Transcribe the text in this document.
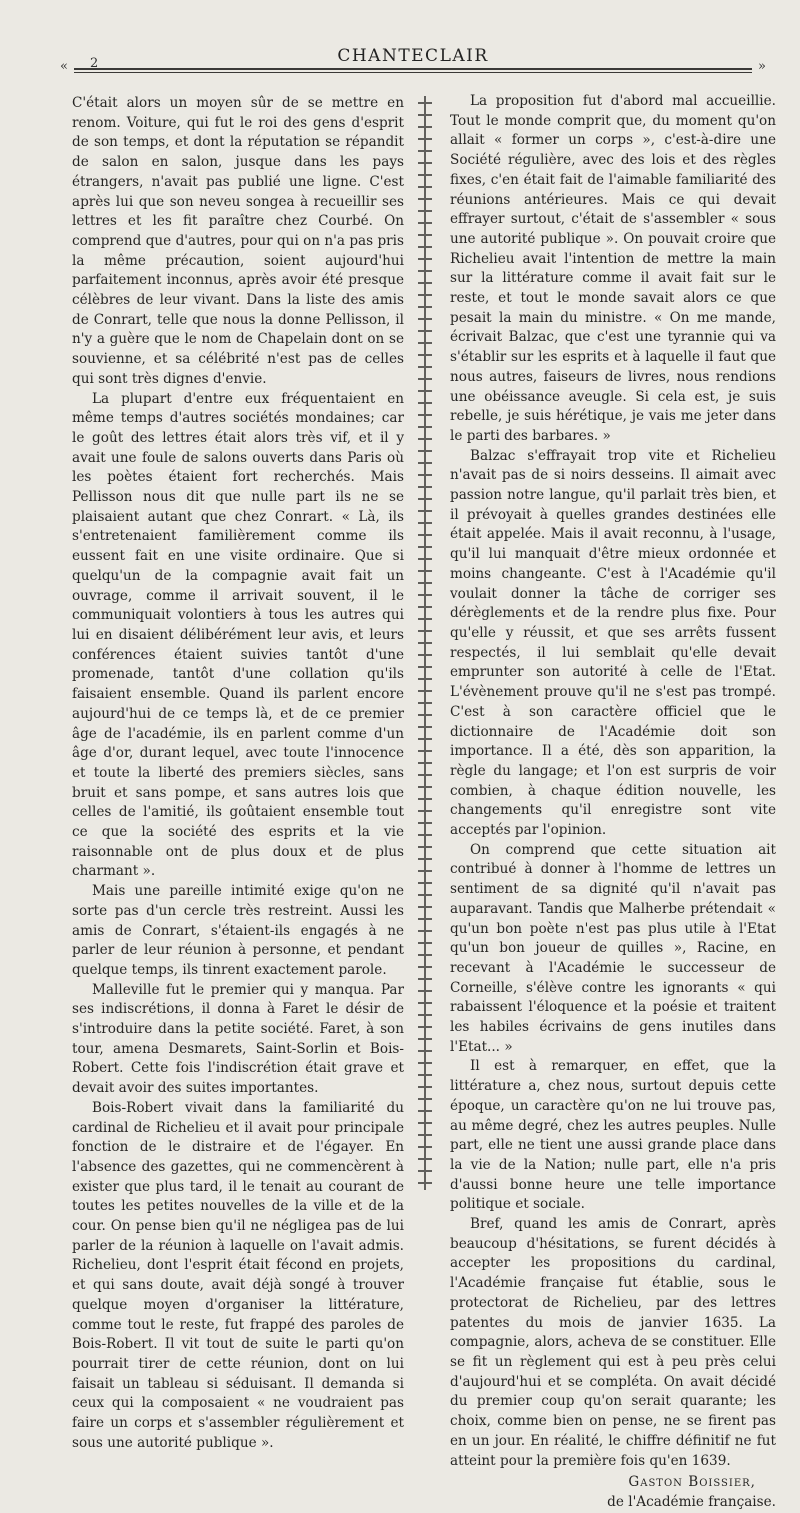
« 2	CHANTECLAIR
»

C'était alors un moyen sûr de se mettre en renom. Voiture, qui fut le roi des gens d'esprit de son temps, et dont la réputation se répandit de salon en salon, jusque dans les pays étrangers, n'avait pas publié une ligne. C'est après lui que son neveu songea à recueillir ses lettres et les fit paraître chez Courbé. On comprend que d'autres, pour qui on n'a pas pris la même précaution, soient aujourd'hui parfaitement inconnus, après avoir été presque célèbres de leur vivant. Dans la liste des amis de Conrart, telle que nous la donne Pellisson, il n'y a guère que le nom de Chapelain dont on se souvienne, et sa célébrité n'est pas de celles qui sont très dignes d'envie.

La plupart d'entre eux fréquentaient en même temps d'autres sociétés mondaines; car le goût des lettres était alors très vif, et il y avait une foule de salons ouverts dans Paris où les poètes étaient fort recherchés. Mais Pellisson nous dit que nulle part ils ne se plaisaient autant que chez Conrart. « Là, ils s'entretenaient familièrement comme ils eussent fait en une visite ordinaire. Que si quelqu'un de la compagnie avait fait un ouvrage, comme il arrivait souvent, il le communiquait volontiers à tous les autres qui lui en disaient délibérément leur avis, et leurs conférences étaient suivies tantôt d'une promenade, tantôt d'une collation qu'ils faisaient ensemble. Quand ils parlent encore aujourd'hui de ce temps là, et de ce premier âge de l'académie, ils en parlent comme d'un âge d'or, durant lequel, avec toute l'innocence et toute la liberté des premiers siècles, sans bruit et sans pompe, et sans autres lois que celles de l'amitié, ils goûtaient ensemble tout ce que la société des esprits et la vie raisonnable ont de plus doux et de plus charmant ».

Mais une pareille intimité exige qu'on ne sorte pas d'un cercle très restreint. Aussi les amis de Conrart, s'étaient-ils engagés à ne parler de leur réunion à personne, et pendant quelque temps, ils tinrent exactement parole.

Malleville fut le premier qui y manqua. Par ses indiscrétions, il donna à Faret le désir de s'introduire dans la petite société. Faret, à son tour, amena Desmarets, Saint-Sorlin et Bois-Robert. Cette fois l'indiscrétion était grave et devait avoir des suites importantes.

Bois-Robert vivait dans la familiarité du cardinal de Richelieu et il avait pour principale fonction de le distraire et de l'égayer. En l'absence des gazettes, qui ne commencèrent à exister que plus tard, il le tenait au courant de toutes les petites nouvelles de la ville et de la cour. On pense bien qu'il ne négligea pas de lui parler de la réunion à laquelle on l'avait admis. Richelieu, dont l'esprit était fécond en projets, et qui sans doute, avait déjà songé à trouver quelque moyen d'organiser la littérature, comme tout le reste, fut frappé des paroles de Bois-Robert. Il vit tout de suite le parti qu'on pourrait tirer de cette réunion, dont on lui faisait un tableau si séduisant. Il demanda si ceux qui la composaient « ne voudraient pas faire un corps et s'assembler régulièrement et sous une autorité publique ».

La proposition fut d'abord mal accueillie. Tout le monde comprit que, du moment qu'on allait « former un corps », c'est-à-dire une Société régulière, avec des lois et des règles fixes, c'en était fait de l'aimable familiarité des réunions antérieures. Mais ce qui devait effrayer surtout, c'était de s'assembler « sous une autorité publique ». On pouvait croire que Richelieu avait l'intention de mettre la main sur la littérature comme il avait fait sur le reste, et tout le monde savait alors ce que pesait la main du ministre. « On me mande, écrivait Balzac, que c'est une tyrannie qui va s'établir sur les esprits et à laquelle il faut que nous autres, faiseurs de livres, nous rendions une obéissance aveugle. Si cela est, je suis rebelle, je suis hérétique, je vais me jeter dans le parti des barbares. »

Balzac s'effrayait trop vite et Richelieu n'avait pas de si noirs desseins. Il aimait avec passion notre langue, qu'il parlait très bien, et il prévoyait à quelles grandes destinées elle était appelée. Mais il avait reconnu, à l'usage, qu'il lui manquait d'être mieux ordonnée et moins changeante. C'est à l'Académie qu'il voulait donner la tâche de corriger ses dérèglements et de la rendre plus fixe. Pour qu'elle y réussit, et que ses arrêts fussent respectés, il lui semblait qu'elle devait emprunter son autorité à celle de l'Etat. L'évènement prouve qu'il ne s'est pas trompé. C'est à son caractère officiel que le dictionnaire de l'Académie doit son importance. Il a été, dès son apparition, la règle du langage; et l'on est surpris de voir combien, à chaque édition nouvelle, les changements qu'il enregistre sont vite acceptés par l'opinion.

On comprend que cette situation ait contribué à donner à l'homme de lettres un sentiment de sa dignité qu'il n'avait pas auparavant. Tandis que Malherbe prétendait « qu'un bon poète n'est pas plus utile à l'Etat qu'un bon joueur de quilles », Racine, en recevant à l'Académie le successeur de Corneille, s'élève contre les ignorants « qui rabaissent l'éloquence et la poésie et traitent les habiles écrivains de gens inutiles dans l'Etat... »

Il est à remarquer, en effet, que la littérature a, chez nous, surtout depuis cette époque, un caractère qu'on ne lui trouve pas, au même degré, chez les autres peuples. Nulle part, elle ne tient une aussi grande place dans la vie de la Nation; nulle part, elle n'a pris d'aussi bonne heure une telle importance politique et sociale.

Bref, quand les amis de Conrart, après beaucoup d'hésitations, se furent décidés à accepter les propositions du cardinal, l'Académie française fut établie, sous le protectorat de Richelieu, par des lettres patentes du mois de janvier 1635. La compagnie, alors, acheva de se constituer. Elle se fit un règlement qui est à peu près celui d'aujourd'hui et se compléta. On avait décidé du premier coup qu'on serait quarante; les choix, comme bien on pense, ne se firent pas en un jour. En réalité, le chiffre définitif ne fut atteint pour la première fois qu'en 1639.

Gaston Boissier,
de l'Académie française.
